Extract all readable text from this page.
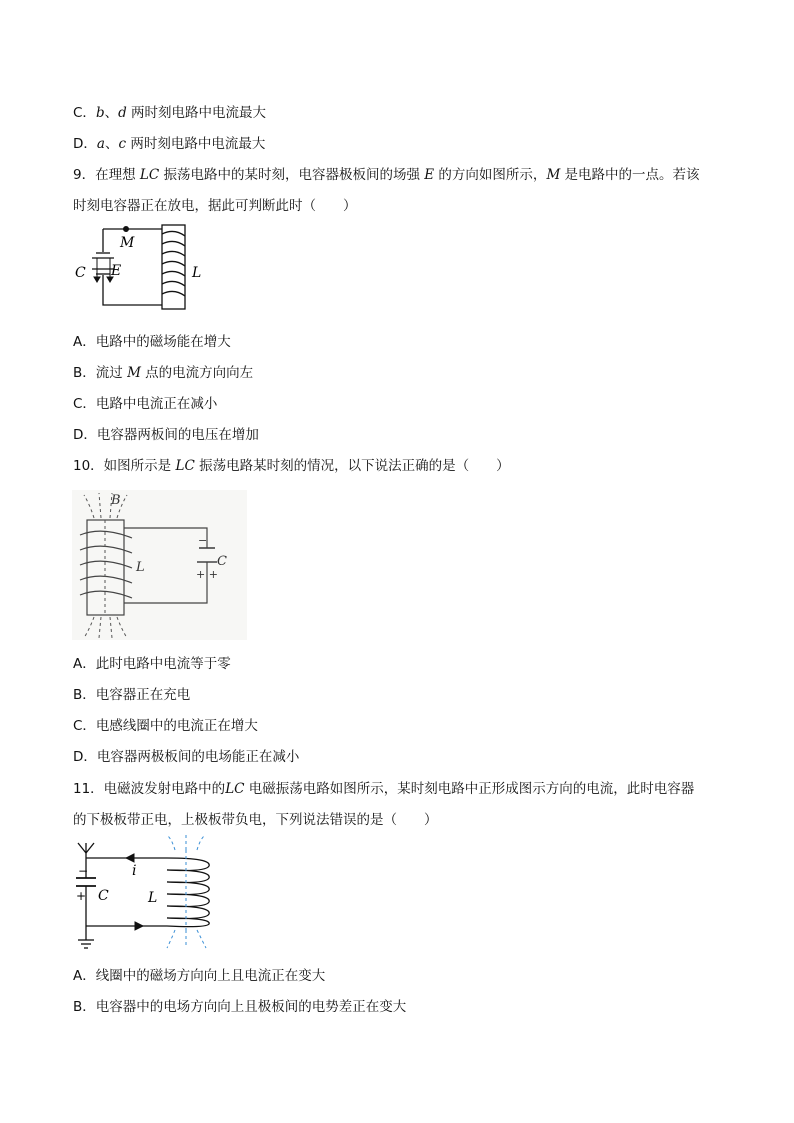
C．b、d 两时刻电路中电流最大
D．a、c 两时刻电路中电流最大
9．在理想 LC 振荡电路中的某时刻，电容器极板间的场强 E 的方向如图所示，M 是电路中的一点。若该
时刻电容器正在放电，据此可判断此时（　　）
M
C E	L
A．电路中的磁场能在增大
B．流过 M 点的电流方向向左
C．电路中电流正在减小
D．电容器两板间的电压在增加
10．如图所示是 LC 振荡电路某时刻的情况，以下说法正确的是（　　）
B
L	C
−
+ +
A．此时电路中电流等于零
B．电容器正在充电
C．电感线圈中的电流正在增大
D．电容器两极板间的电场能正在减小
11．电磁波发射电路中的LC 电磁振荡电路如图所示，某时刻电路中正形成图示方向的电流，此时电容器
的下极板带正电，上极板带负电，下列说法错误的是（　　）
i
C	L
−
+
A．线圈中的磁场方向向上且电流正在变大
B．电容器中的电场方向向上且极板间的电势差正在变大
